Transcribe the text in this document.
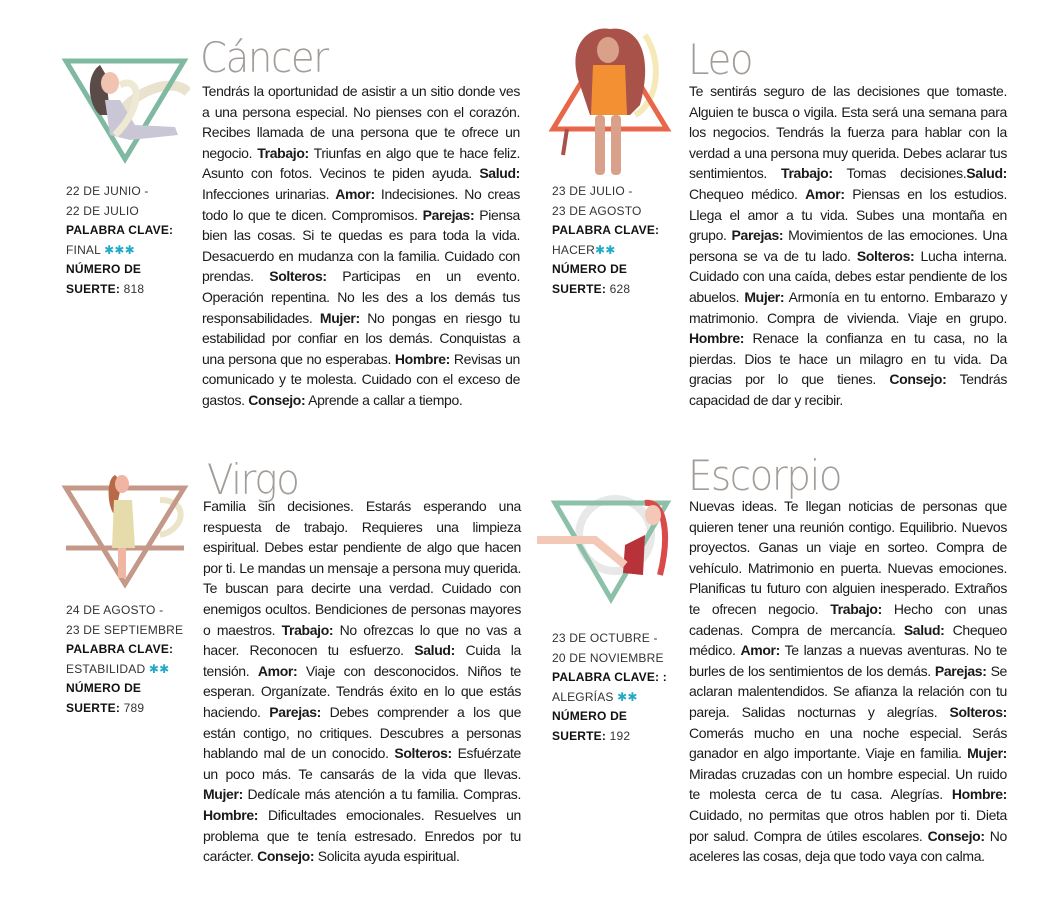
Cáncer
Tendrás la oportunidad de asistir a un sitio donde ves a una persona especial. No pienses con el corazón. Recibes llamada de una persona que te ofrece un negocio. Trabajo: Triunfas en algo que te hace feliz. Asunto con fotos. Vecinos te piden ayuda. Salud: Infecciones urinarias. Amor: Indecisiones. No creas todo lo que te dicen. Compromisos. Parejas: Piensa bien las cosas. Si te quedas es para toda la vida. Desacuerdo en mudanza con la familia. Cuidado con prendas. Solteros: Participas en un evento. Operación repentina. No les des a los demás tus responsabilidades. Mujer: No pongas en riesgo tu estabilidad por confiar en los demás. Conquistas a una persona que no esperabas. Hombre: Revisas un comunicado y te molesta. Cuidado con el exceso de gastos. Consejo: Aprende a callar a tiempo.
22 DE JUNIO -
22 DE JULIO
PALABRA CLAVE:
FINAL ✱✱✱
NÚMERO DE
SUERTE: 818
Leo
Te sentirás seguro de las decisiones que tomaste. Alguien te busca o vigila. Esta será una semana para los negocios. Tendrás la fuerza para hablar con la verdad a una persona muy querida. Debes aclarar tus sentimientos. Trabajo: Tomas decisiones.Salud: Chequeo médico. Amor: Piensas en los estudios. Llega el amor a tu vida. Subes una montaña en grupo. Parejas: Movimientos de las emociones. Una persona se va de tu lado. Solteros: Lucha interna. Cuidado con una caída, debes estar pendiente de los abuelos. Mujer: Armonía en tu entorno. Embarazo y matrimonio. Compra de vivienda. Viaje en grupo. Hombre: Renace la confianza en tu casa, no la pierdas. Dios te hace un milagro en tu vida. Da gracias por lo que tienes. Consejo: Tendrás capacidad de dar y recibir.
23 DE JULIO -
23 DE AGOSTO
PALABRA CLAVE:
HACER✱✱
NÚMERO DE
SUERTE: 628
Virgo
Familia sin decisiones. Estarás esperando una respuesta de trabajo. Requieres una limpieza espiritual. Debes estar pendiente de algo que hacen por ti. Le mandas un mensaje a persona muy querida. Te buscan para decirte una verdad. Cuidado con enemigos ocultos. Bendiciones de personas mayores o maestros. Trabajo: No ofrezcas lo que no vas a hacer. Reconocen tu esfuerzo. Salud: Cuida la tensión. Amor: Viaje con desconocidos. Niños te esperan. Organízate. Tendrás éxito en lo que estás haciendo. Parejas: Debes comprender a los que están contigo, no critiques. Descubres a personas hablando mal de un conocido. Solteros: Esfuérzate un poco más. Te cansarás de la vida que llevas. Mujer: Dedícale más atención a tu familia. Compras. Hombre: Dificultades emocionales. Resuelves un problema que te tenía estresado. Enredos por tu carácter. Consejo: Solicita ayuda espiritual.
24 DE AGOSTO -
23 DE SEPTIEMBRE
PALABRA CLAVE:
ESTABILIDAD ✱✱
NÚMERO DE
SUERTE: 789
Escorpio
Nuevas ideas. Te llegan noticias de personas que quieren tener una reunión contigo. Equilibrio. Nuevos proyectos. Ganas un viaje en sorteo. Compra de vehículo. Matrimonio en puerta. Nuevas emociones. Planificas tu futuro con alguien inesperado. Extraños te ofrecen negocio. Trabajo: Hecho con unas cadenas. Compra de mercancía. Salud: Chequeo médico. Amor: Te lanzas a nuevas aventuras. No te burles de los sentimientos de los demás. Parejas: Se aclaran malentendidos. Se afianza la relación con tu pareja. Salidas nocturnas y alegrías. Solteros: Comerás mucho en una noche especial. Serás ganador en algo importante. Viaje en familia. Mujer: Miradas cruzadas con un hombre especial. Un ruido te molesta cerca de tu casa. Alegrías. Hombre: Cuidado, no permitas que otros hablen por ti. Dieta por salud. Compra de útiles escolares. Consejo: No aceleres las cosas, deja que todo vaya con calma.
23 DE OCTUBRE -
20 DE NOVIEMBRE
PALABRA CLAVE: :
ALEGRÍAS ✱✱
NÚMERO DE
SUERTE: 192
